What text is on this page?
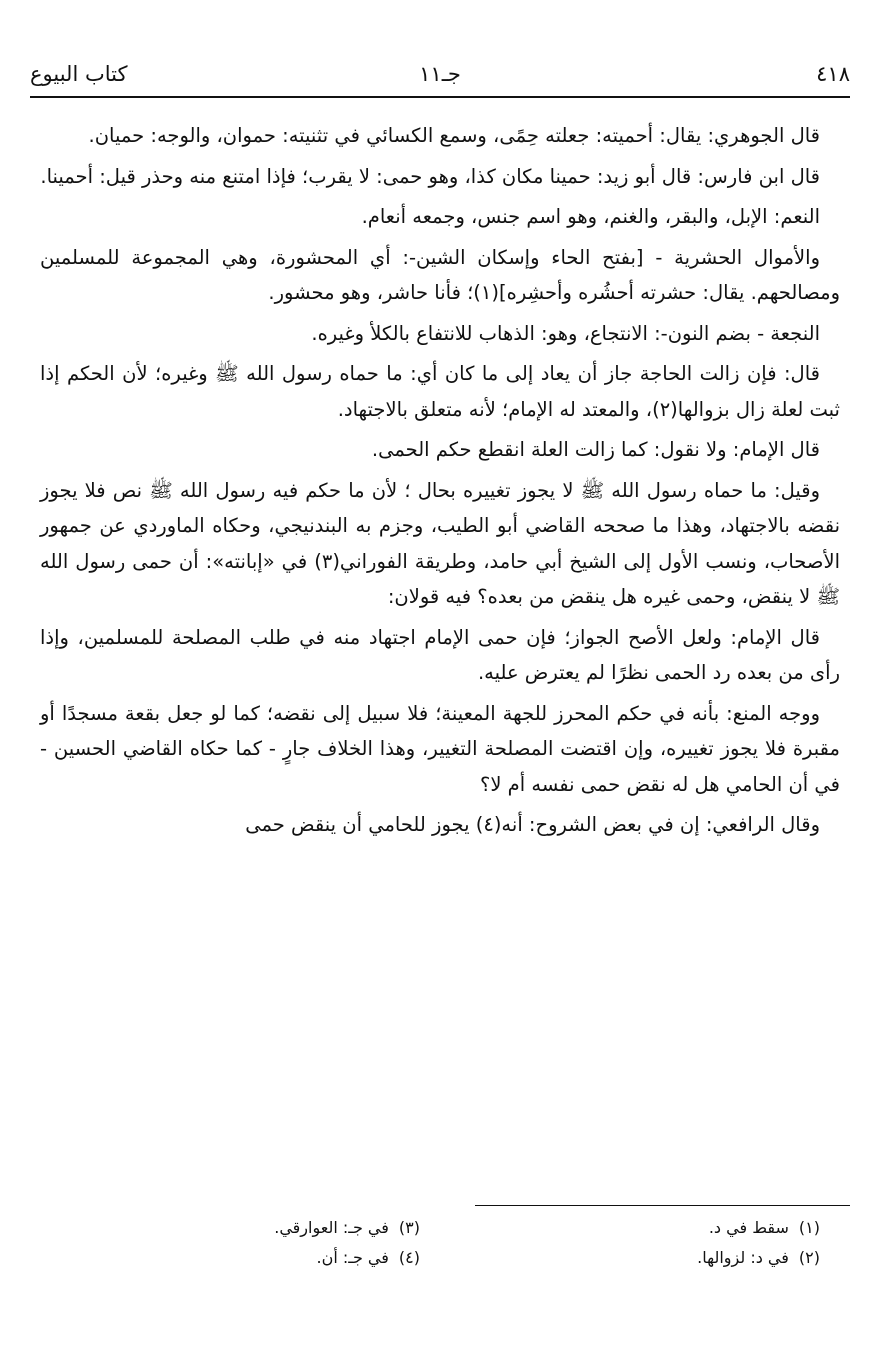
٤١٨
جـ١١
كتاب البيوع

قال الجوهري: يقال: أحميته: جعلته حِمًى، وسمع الكسائي في تثنيته: حموان، والوجه: حميان.

قال ابن فارس: قال أبو زيد: حمينا مكان كذا، وهو حمى: لا يقرب؛ فإذا امتنع منه وحذر قيل: أحمينا.

النعم: الإبل، والبقر، والغنم، وهو اسم جنس، وجمعه أنعام.

والأموال الحشرية - [بفتح الحاء وإسكان الشين-: أي المحشورة، وهي المجموعة للمسلمين ومصالحهم. يقال: حشرته أحشُره وأحشِره](١)؛ فأنا حاشر، وهو محشور.

النجعة - بضم النون-: الانتجاع، وهو: الذهاب للانتفاع بالكلأ وغيره.

قال: فإن زالت الحاجة جاز أن يعاد إلى ما كان أي: ما حماه رسول الله ﷺ وغيره؛ لأن الحكم إذا ثبت لعلة زال بزوالها(٢)، والمعتد له الإمام؛ لأنه متعلق بالاجتهاد.

قال الإمام: ولا نقول: كما زالت العلة انقطع حكم الحمى.

وقيل: ما حماه رسول الله ﷺ لا يجوز تغييره بحال ؛ لأن ما حكم فيه رسول الله ﷺ نص فلا يجوز نقضه بالاجتهاد، وهذا ما صححه القاضي أبو الطيب، وجزم به البندنيجي، وحكاه الماوردي عن جمهور الأصحاب، ونسب الأول إلى الشيخ أبي حامد، وطريقة الفوراني(٣) في «إبانته»: أن حمى رسول الله ﷺ لا ينقض، وحمى غيره هل ينقض من بعده؟ فيه قولان:

قال الإمام: ولعل الأصح الجواز؛ فإن حمى الإمام اجتهاد منه في طلب المصلحة للمسلمين، وإذا رأى من بعده رد الحمى نظرًا لم يعترض عليه.

ووجه المنع: بأنه في حكم المحرز للجهة المعينة؛ فلا سبيل إلى نقضه؛ كما لو جعل بقعة مسجدًا أو مقبرة فلا يجوز تغييره، وإن اقتضت المصلحة التغيير، وهذا الخلاف جارٍ - كما حكاه القاضي الحسين - في أن الحامي هل له نقض حمى نفسه أم لا؟

وقال الرافعي: إن في بعض الشروح: أنه(٤) يجوز للحامي أن ينقض حمى

(١)سقط في د.
(٣)في جـ: العوارقي.
(٢)في د: لزوالها.
(٤)في جـ: أن.
